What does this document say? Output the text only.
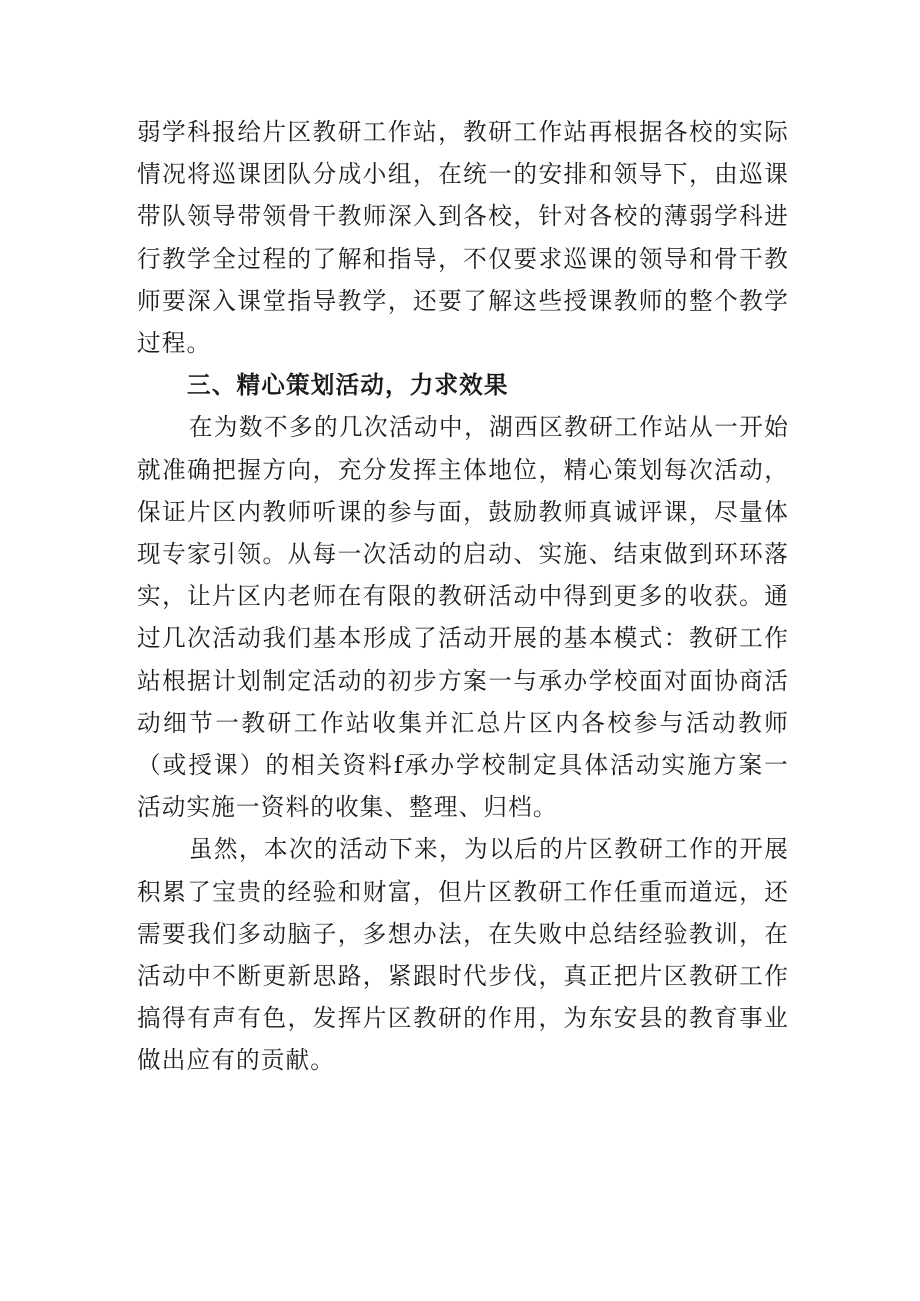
弱学科报给片区教研工作站，教研工作站再根据各校的实际情况将巡课团队分成小组，在统一的安排和领导下，由巡课带队领导带领骨干教师深入到各校，针对各校的薄弱学科进行教学全过程的了解和指导，不仅要求巡课的领导和骨干教师要深入课堂指导教学，还要了解这些授课教师的整个教学过程。

三、精心策划活动，力求效果

在为数不多的几次活动中，湖西区教研工作站从一开始就准确把握方向，充分发挥主体地位，精心策划每次活动，保证片区内教师听课的参与面，鼓励教师真诚评课，尽量体现专家引领。从每一次活动的启动、实施、结束做到环环落实，让片区内老师在有限的教研活动中得到更多的收获。通过几次活动我们基本形成了活动开展的基本模式：教研工作站根据计划制定活动的初步方案一与承办学校面对面协商活动细节一教研工作站收集并汇总片区内各校参与活动教师（或授课）的相关资料f承办学校制定具体活动实施方案一活动实施一资料的收集、整理、归档。

虽然，本次的活动下来，为以后的片区教研工作的开展积累了宝贵的经验和财富，但片区教研工作任重而道远，还需要我们多动脑子，多想办法，在失败中总结经验教训，在活动中不断更新思路，紧跟时代步伐，真正把片区教研工作搞得有声有色，发挥片区教研的作用，为东安县的教育事业做出应有的贡献。
